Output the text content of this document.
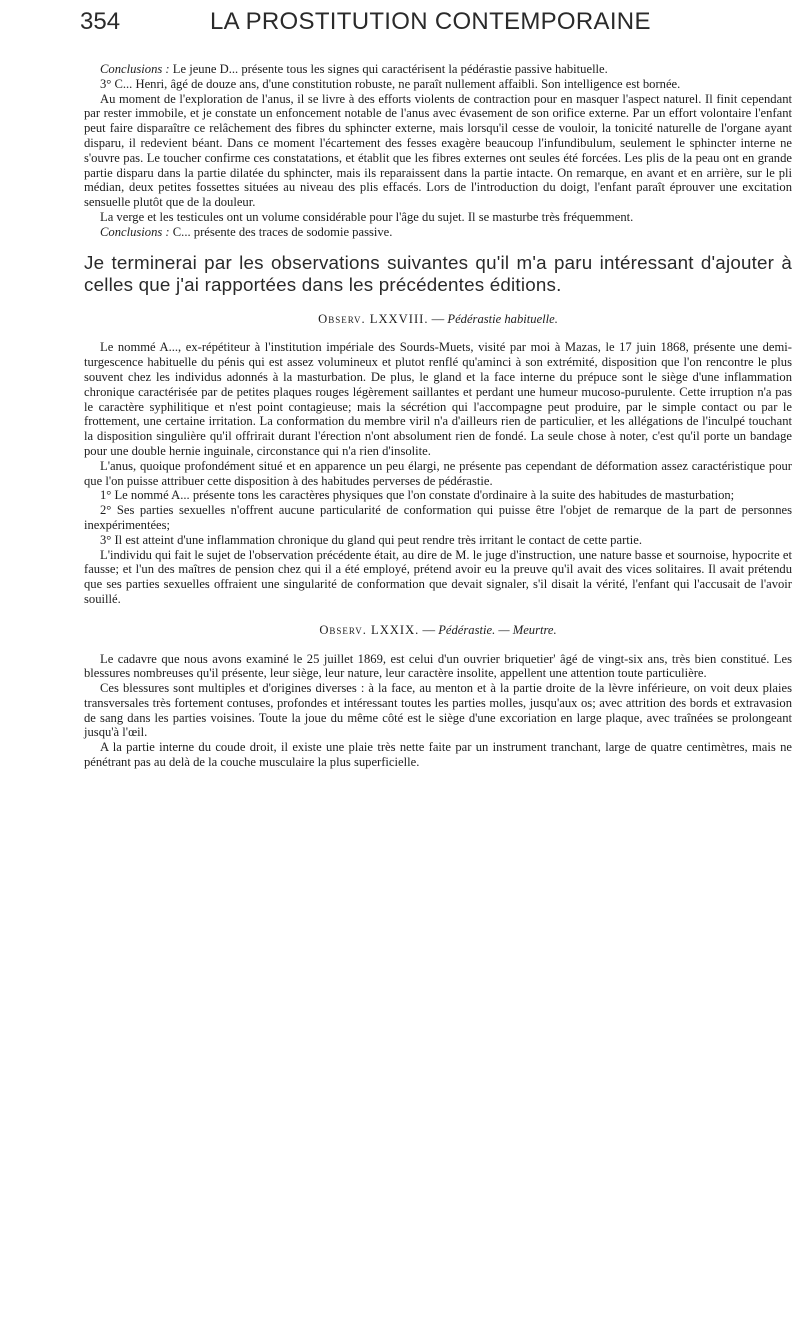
354	LA PROSTITUTION CONTEMPORAINE

Conclusions : Le jeune D... présente tous les signes qui caractérisent la pédérastie passive habituelle.

3° C... Henri, âgé de douze ans, d'une constitution robuste, ne paraît nullement affaibli. Son intelligence est bornée.

Au moment de l'exploration de l'anus, il se livre à des efforts violents de contraction pour en masquer l'aspect naturel. Il finit cependant par rester immobile, et je constate un enfoncement notable de l'anus avec évasement de son orifice externe. Par un effort volontaire l'enfant peut faire disparaître ce relâchement des fibres du sphincter externe, mais lorsqu'il cesse de vouloir, la tonicité naturelle de l'organe ayant disparu, il redevient béant. Dans ce moment l'écartement des fesses exagère beaucoup l'infundibulum, seulement le sphincter interne ne s'ouvre pas. Le toucher confirme ces constatations, et établit que les fibres externes ont seules été forcées. Les plis de la peau ont en grande partie disparu dans la partie dilatée du sphincter, mais ils reparaissent dans la partie intacte. On remarque, en avant et en arrière, sur le pli médian, deux petites fossettes situées au niveau des plis effacés. Lors de l'introduction du doigt, l'enfant paraît éprouver une excitation sensuelle plutôt que de la douleur.

La verge et les testicules ont un volume considérable pour l'âge du sujet. Il se masturbe très fréquemment.

Conclusions : C... présente des traces de sodomie passive.

Je terminerai par les observations suivantes qu'il m'a paru intéressant d'ajouter à celles que j'ai rapportées dans les précédentes éditions.

Observ. LXXVIII. — Pédérastie habituelle.

Le nommé A..., ex-répétiteur à l'institution impériale des Sourds-Muets, visité par moi à Mazas, le 17 juin 1868, présente une demi-turgescence habituelle du pénis qui est assez volumineux et plutot renflé qu'aminci à son extrémité, disposition que l'on rencontre le plus souvent chez les individus adonnés à la masturbation. De plus, le gland et la face interne du prépuce sont le siège d'une inflammation chronique caractérisée par de petites plaques rouges légèrement saillantes et perdant une humeur mucoso-purulente. Cette irruption n'a pas le caractère syphilitique et n'est point contagieuse; mais la sécrétion qui l'accompagne peut produire, par le simple contact ou par le frottement, une certaine irritation. La conformation du membre viril n'a d'ailleurs rien de particulier, et les allégations de l'inculpé touchant la disposition singulière qu'il offrirait durant l'érection n'ont absolument rien de fondé. La seule chose à noter, c'est qu'il porte un bandage pour une double hernie inguinale, circonstance qui n'a rien d'insolite.

L'anus, quoique profondément situé et en apparence un peu élargi, ne présente pas cependant de déformation assez caractéristique pour que l'on puisse attribuer cette disposition à des habitudes perverses de pédérastie.

1° Le nommé A... présente tons les caractères physiques que l'on constate d'ordinaire à la suite des habitudes de masturbation;

2° Ses parties sexuelles n'offrent aucune particularité de conformation qui puisse être l'objet de remarque de la part de personnes inexpérimentées;

3° Il est atteint d'une inflammation chronique du gland qui peut rendre très irritant le contact de cette partie.

L'individu qui fait le sujet de l'observation précédente était, au dire de M. le juge d'instruction, une nature basse et sournoise, hypocrite et fausse; et l'un des maîtres de pension chez qui il a été employé, prétend avoir eu la preuve qu'il avait des vices solitaires. Il avait prétendu que ses parties sexuelles offraient une singularité de conformation que devait signaler, s'il disait la vérité, l'enfant qui l'accusait de l'avoir souillé.

Observ. LXXIX. — Pédérastie. — Meurtre.

Le cadavre que nous avons examiné le 25 juillet 1869, est celui d'un ouvrier briquetier' âgé de vingt-six ans, très bien constitué. Les blessures nombreuses qu'il présente, leur siège, leur nature, leur caractère insolite, appellent une attention toute particulière.

Ces blessures sont multiples et d'origines diverses : à la face, au menton et à la partie droite de la lèvre inférieure, on voit deux plaies transversales très fortement contuses, profondes et intéressant toutes les parties molles, jusqu'aux os; avec attrition des bords et extravasion de sang dans les parties voisines. Toute la joue du même côté est le siège d'une excoriation en large plaque, avec traînées se prolongeant jusqu'à l'œil.

A la partie interne du coude droit, il existe une plaie très nette faite par un instrument tranchant, large de quatre centimètres, mais ne pénétrant pas au delà de la couche musculaire la plus superficielle.
